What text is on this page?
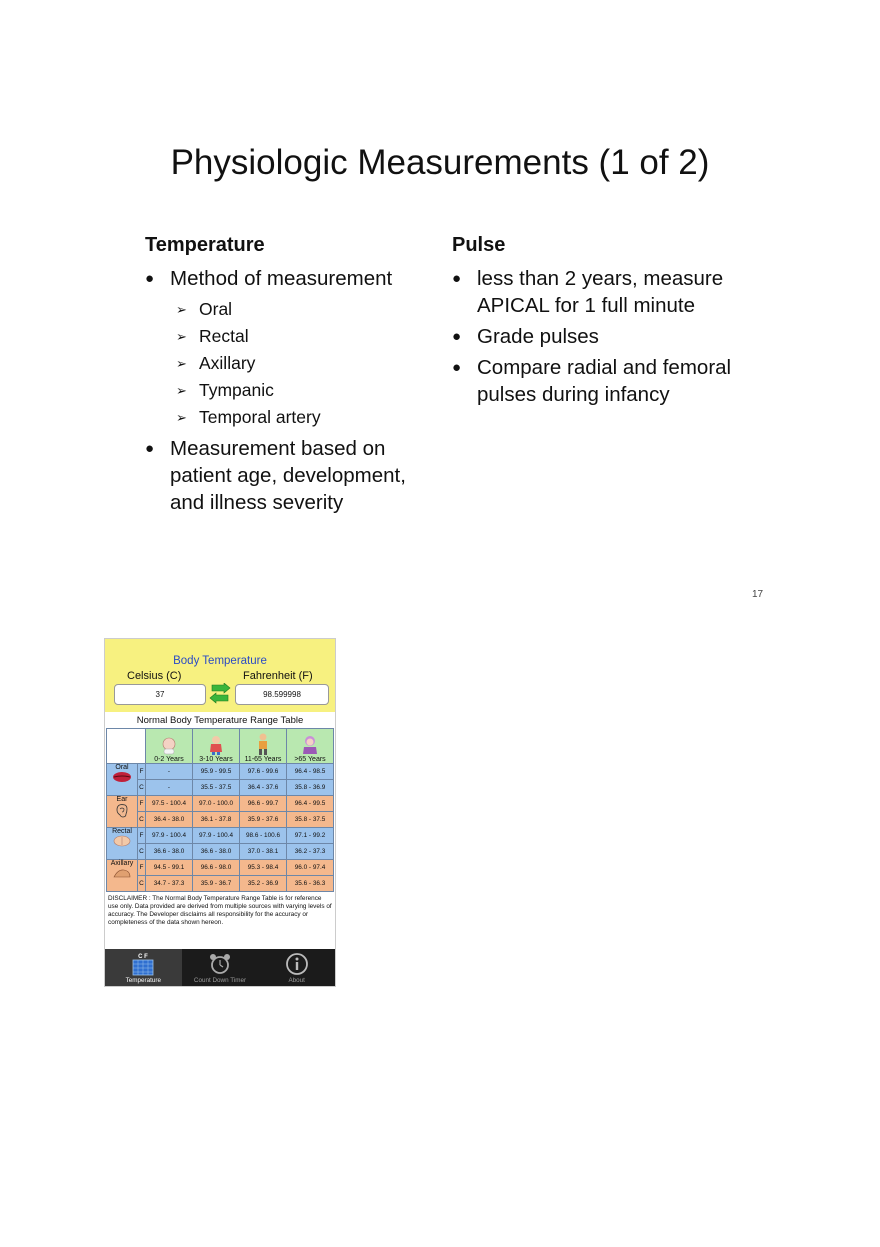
Physiologic Measurements (1 of 2)
Temperature
● Method of measurement
➢ Oral
➢ Rectal
➢ Axillary
➢ Tympanic
➢ Temporal artery
● Measurement based on patient age, development, and illness severity
Pulse
● less than 2 years, measure APICAL for 1 full minute
● Grade pulses
● Compare radial and femoral pulses during infancy
17
Body Temperature
Celsius (C)	Fahrenheit (F)
37	98.599998
Normal Body Temperature Range Table

0-2 Years	3-10 Years	11-65 Years	>65 Years

Oral	F	-	95.9 - 99.5	97.6 - 99.6	96.4 - 98.5
	C	-	35.5 - 37.5	36.4 - 37.6	35.8 - 36.9

Ear	F	97.5 - 100.4	97.0 - 100.0	96.6 - 99.7	96.4 - 99.5
	C	36.4 - 38.0	36.1 - 37.8	35.9 - 37.6	35.8 - 37.5

Rectal	F	97.9 - 100.4	97.9 - 100.4	98.6 - 100.6	97.1 - 99.2
	C	36.6 - 38.0	36.6 - 38.0	37.0 - 38.1	36.2 - 37.3

Axillary	F	94.5 - 99.1	96.6 - 98.0	95.3 - 98.4	96.0 - 97.4
	C	34.7 - 37.3	35.9 - 36.7	35.2 - 36.9	35.6 - 36.3
DISCLAIMER : The Normal Body Temperature Range Table is for reference use only. Data provided are derived from multiple sources with varying levels of accuracy. The Developer disclaims all responsibility for the accuracy or completeness of the data shown hereon.
C F
Temperature	Count Down Timer	About
